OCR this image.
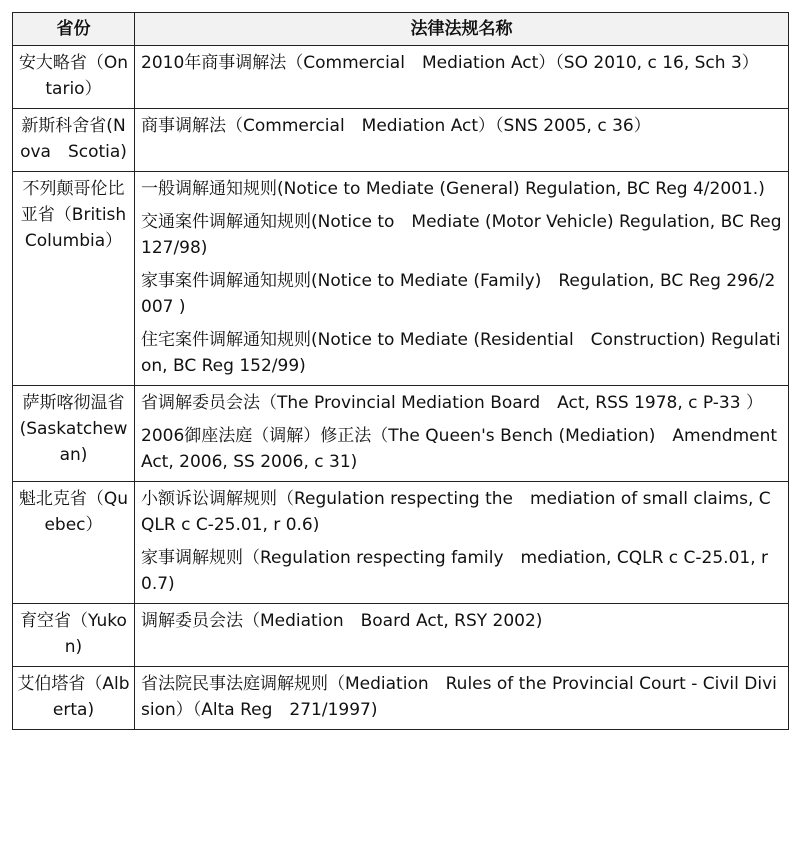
省份	法律法规名称
安大略省（Ontario）	2010年商事调解法（Commercial　Mediation Act）（SO 2010, c 16, Sch 3）

新斯科舍省(Nova　Scotia)	商事调解法（Commercial　Mediation Act）（SNS 2005, c 36）

不列颠哥伦比亚省（British　Columbia）	一般调解通知规则(Notice to Mediate (General) Regulation, BC Reg 4/2001.)
交通案件调解通知规则(Notice to　Mediate (Motor Vehicle) Regulation, BC Reg 127/98)
家事案件调解通知规则(Notice to Mediate (Family)　Regulation, BC Reg 296/2007 )
住宅案件调解通知规则(Notice to Mediate (Residential　Construction) Regulation, BC Reg 152/99)

萨斯喀彻温省(Saskatchewan)	省调解委员会法（The Provincial Mediation Board　Act, RSS 1978, c P-33 ）
2006御座法庭（调解）修正法（The Queen's Bench (Mediation)　Amendment Act, 2006, SS 2006, c 31)

魁北克省（Quebec）	小额诉讼调解规则（Regulation respecting the　mediation of small claims, CQLR c C-25.01, r 0.6)
家事调解规则（Regulation respecting family　mediation, CQLR c C-25.01, r 0.7)

育空省（Yukon)	调解委员会法（Mediation　Board Act, RSY 2002)

艾伯塔省（Alberta)	省法院民事法庭调解规则（Mediation　Rules of the Provincial Court - Civil Division）（Alta Reg　271/1997)
